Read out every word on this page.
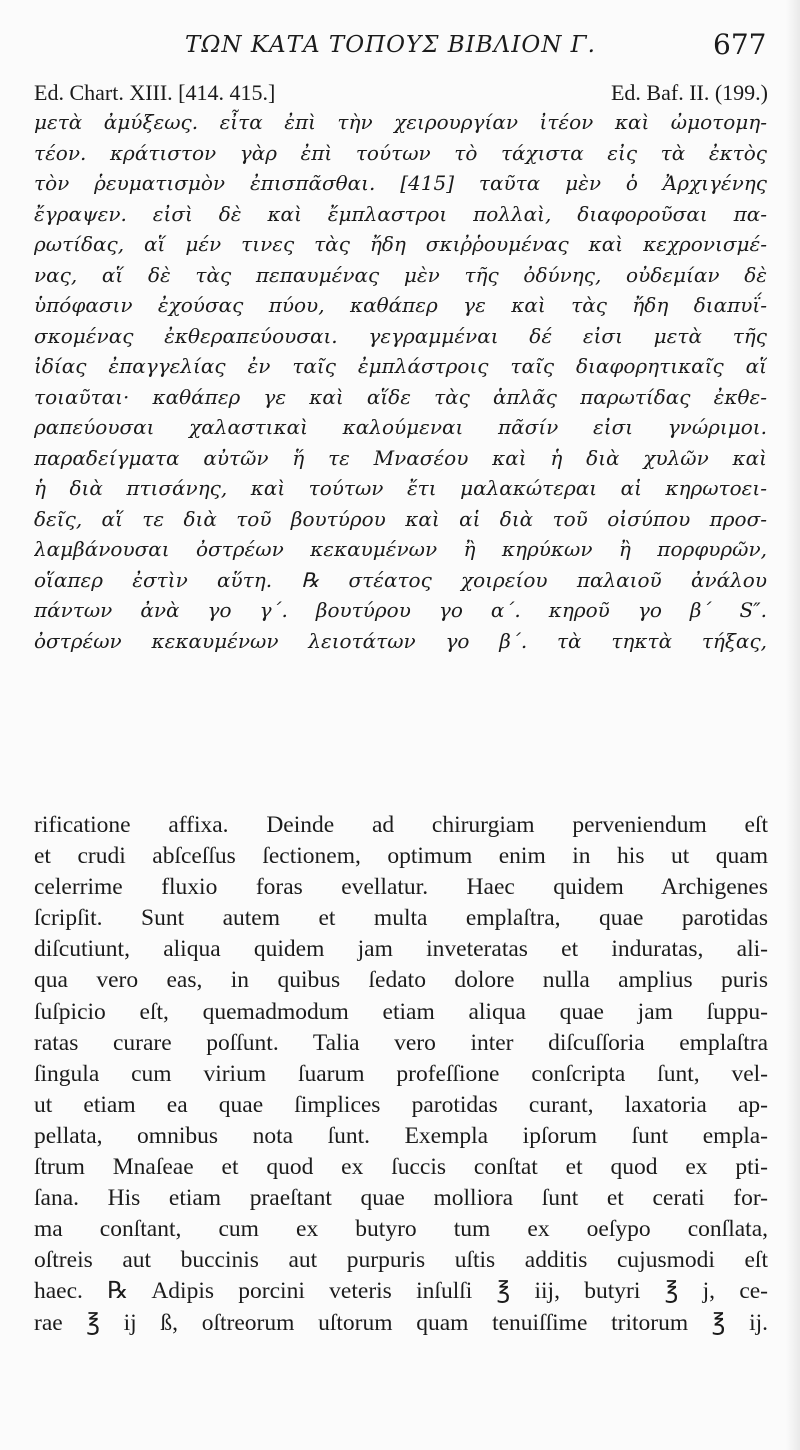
ΤΩΝ ΚΑΤΑ ΤΟΠΟΥΣ ΒΙΒΛΙΟΝ Γ.	677
Ed. Chart. XIII. [414. 415.]	Ed. Baf. II. (199.)
μετὰ ἀμύξεως. εἶτα ἐπὶ τὴν χειρουργίαν ἰτέον καὶ ὠμοτομη-
τέον. κράτιστον γὰρ ἐπὶ τούτων τὸ τάχιστα εἰς τὰ ἐκτὸς
τὸν ῥευματισμὸν ἐπισπᾶσθαι. [415] ταῦτα μὲν ὁ Ἀρχιγένης
ἔγραψεν. εἰσὶ δὲ καὶ ἔμπλαστροι πολλαὶ, διαφοροῦσαι πα-
ρωτίδας, αἵ μέν τινες τὰς ἤδη σκιῤῥουμένας καὶ κεχρονισμέ-
νας, αἵ δὲ τὰς πεπαυμένας μὲν τῆς ὀδύνης, οὐδεμίαν δὲ
ὑπόφασιν ἐχούσας πύου, καθάπερ γε καὶ τὰς ἤδη διαπυΐ-
σκομένας ἐκθεραπεύουσαι. γεγραμμέναι δέ εἰσι μετὰ τῆς
ἰδίας ἐπαγγελίας ἐν ταῖς ἐμπλάστροις ταῖς διαφορητικαῖς αἵ
τοιαῦται· καθάπερ γε καὶ αἵδε τὰς ἁπλᾶς παρωτίδας ἐκθε-
ραπεύουσαι χαλαστικαὶ καλούμεναι πᾶσίν εἰσι γνώριμοι.
παραδείγματα αὐτῶν ἥ τε Μνασέου καὶ ἡ διὰ χυλῶν καὶ
ἡ διὰ πτισάνης, καὶ τούτων ἔτι μαλακώτεραι αἱ κηρωτοει-
δεῖς, αἵ τε διὰ τοῦ βουτύρου καὶ αἱ διὰ τοῦ οἰσύπου προσ-
λαμβάνουσαι ὀστρέων κεκαυμένων ἢ κηρύκων ἢ πορφυρῶν,
οἵαπερ ἐστὶν αὕτη. ℞ στέατος χοιρείου παλαιοῦ ἀνάλου
πάντων ἀνὰ γο γ΄. βουτύρου γο α΄. κηροῦ γο β΄ S″.
ὀστρέων κεκαυμένων λειοτάτων γο β΄. τὰ τηκτὰ τήξας,
rificatione affixa. Deinde ad chirurgiam perveniendum eſt
et crudi abſceſſus ſectionem, optimum enim in his ut quam
celerrime fluxio foras evellatur. Haec quidem Archigenes
ſcripſit. Sunt autem et multa emplaſtra, quae parotidas
diſcutiunt, aliqua quidem jam inveteratas et induratas, ali-
qua vero eas, in quibus ſedato dolore nulla amplius puris
ſuſpicio eſt, quemadmodum etiam aliqua quae jam ſuppu-
ratas curare poſſunt. Talia vero inter diſcuſſoria emplaſtra
ſingula cum virium ſuarum profeſſione conſcripta ſunt, vel-
ut etiam ea quae ſimplices parotidas curant, laxatoria ap-
pellata, omnibus nota ſunt. Exempla ipſorum ſunt empla-
ſtrum Mnaſeae et quod ex ſuccis conſtat et quod ex pti-
ſana. His etiam praeſtant quae molliora ſunt et cerati for-
ma conſtant, cum ex butyro tum ex oeſypo conſlata,
oſtreis aut buccinis aut purpuris uſtis additis cujusmodi eſt
haec. ℞ Adipis porcini veteris inſulſi ℥ iij, butyri ℥ j, ce-
rae ℥ ij ß, oſtreorum uſtorum quam tenuiſſime tritorum ℥ ij.
